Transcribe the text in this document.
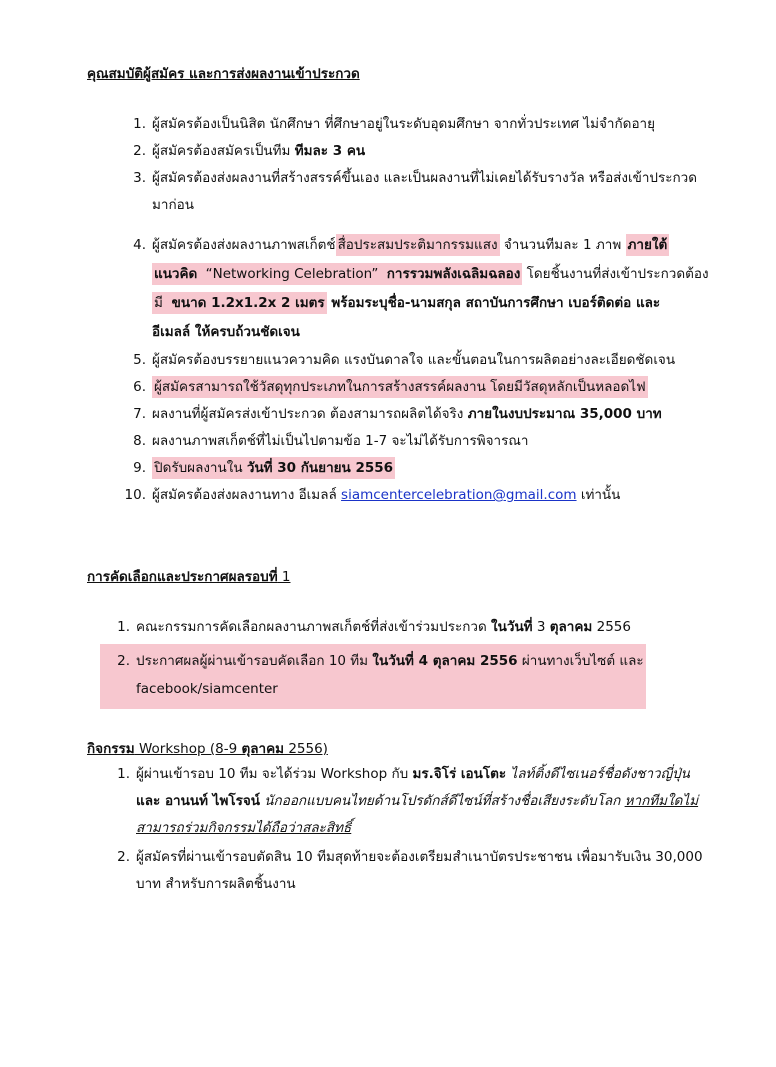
คุณสมบัติผู้สมัคร และการส่งผลงานเข้าประกวด
1. ผู้สมัครต้องเป็นนิสิต นักศึกษา ที่ศึกษาอยู่ในระดับอุดมศึกษา จากทั่วประเทศ ไม่จำกัดอายุ
2. ผู้สมัครต้องสมัครเป็นทีม ทีมละ 3 คน
3. ผู้สมัครต้องส่งผลงานที่สร้างสรรค์ขึ้นเอง และเป็นผลงานที่ไม่เคยได้รับรางวัล หรือส่งเข้าประกวด
มาก่อน
4. ผู้สมัครต้องส่งผลงานภาพสเก็ตช์ สื่อประสมประติมากรรมแสง จำนวนทีมละ 1 ภาพ ภายใต้
แนวคิด “Networking Celebration” การรวมพลังเฉลิมฉลอง โดยชิ้นงานที่ส่งเข้าประกวดต้อง
มี ขนาด 1.2x1.2x 2 เมตร พร้อมระบุชื่อ-นามสกุล สถาบันการศึกษา เบอร์ติดต่อ และ
อีเมลล์ ให้ครบถ้วนชัดเจน
5. ผู้สมัครต้องบรรยายแนวความคิด แรงบันดาลใจ และขั้นตอนในการผลิตอย่างละเอียดชัดเจน
6. ผู้สมัครสามารถใช้วัสดุทุกประเภทในการสร้างสรรค์ผลงาน โดยมีวัสดุหลักเป็นหลอดไฟ
7. ผลงานที่ผู้สมัครส่งเข้าประกวด ต้องสามารถผลิตได้จริง ภายในงบประมาณ 35,000 บาท
8. ผลงานภาพสเก็ตช์ที่ไม่เป็นไปตามข้อ 1-7 จะไม่ได้รับการพิจารณา
9. ปิดรับผลงานใน วันที่ 30 กันยายน 2556
10. ผู้สมัครต้องส่งผลงานทาง อีเมลล์ siamcentercelebration@gmail.com เท่านั้น
การคัดเลือกและประกาศผลรอบที่ 1
1. คณะกรรมการคัดเลือกผลงานภาพสเก็ตช์ที่ส่งเข้าร่วมประกวด ในวันที่ 3 ตุลาคม 2556
2. ประกาศผลผู้ผ่านเข้ารอบคัดเลือก 10 ทีม ในวันที่ 4 ตุลาคม 2556 ผ่านทางเว็บไซต์ และ
facebook/siamcenter
กิจกรรม Workshop (8-9 ตุลาคม 2556)
1. ผู้ผ่านเข้ารอบ 10 ทีม จะได้ร่วม Workshop กับ มร.จิโร่ เอนโตะ ไลท์ติ้งดีไซเนอร์ชื่อดังชาวญี่ปุ่น
และ อานนท์ ไพโรจน์ นักออกแบบคนไทยด้านโปรดักส์ดีไซน์ที่สร้างชื่อเสียงระดับโลก หากทีมใดไม่
สามารถร่วมกิจกรรมได้ถือว่าสละสิทธิ์
2. ผู้สมัครที่ผ่านเข้ารอบตัดสิน 10 ทีมสุดท้ายจะต้องเตรียมสำเนาบัตรประชาชน เพื่อมารับเงิน 30,000
บาท สำหรับการผลิตชิ้นงาน
